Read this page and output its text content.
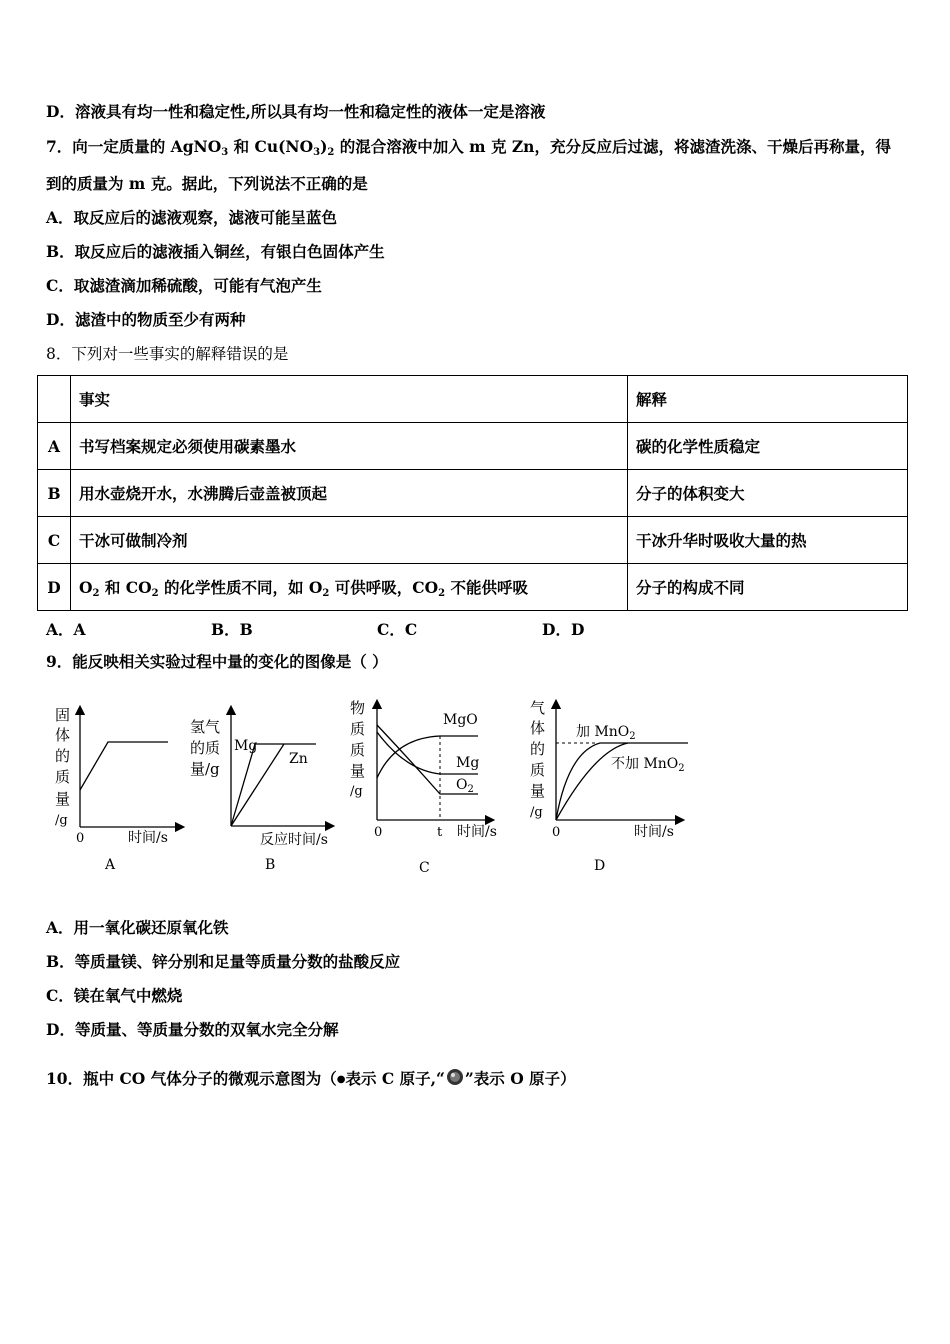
D．溶液具有均一性和稳定性,所以具有均一性和稳定性的液体一定是溶液
7．向一定质量的 AgNO$_3$ 和 $Cu(NO_3)_2$ 的混合溶液中加入 m 克 Zn，充分反应后过滤，将滤渣洗涤、干燥后再称量，得
到的质量为 m 克。据此，下列说法不正确的是
A．取反应后的滤液观察，滤液可能呈蓝色
B．取反应后的滤液插入铜丝，有银白色固体产生
C．取滤渣滴加稀硫酸，可能有气泡产生
D．滤渣中的物质至少有两种
8．下列对一些事实的解释错误的是
	事实	解释
A	书写档案规定必须使用碳素墨水	碳的化学性质稳定
B	用水壶烧开水，水沸腾后壶盖被顶起	分子的体积变大
C	干冰可做制冷剂	干冰升华时吸收大量的热
D	$O_2$ 和 $CO_2$ 的化学性质不同，如 $O_2$ 可供呼吸，$CO_2$ 不能供呼吸	分子的构成不同
A．A	B．B	C．C	D．D
9．能反映相关实验过程中量的变化的图像是（ ）
固
体
的
质
量
/g
0	时间/s
A
氢气
的质
量/g
Mg
Zn
反应时间/s
B
物
质
质
量
/g
MgO
Mg
$O_2$
0	t 时间/s
C
气
体
的
质
量
/g
加 MnO$_2$
不加 MnO$_2$
0	时间/s
D
A．用一氧化碳还原氧化铁
B．等质量镁、锌分别和足量等质量分数的盐酸反应
C．镁在氧气中燃烧
D．等质量、等质量分数的双氧水完全分解
10．瓶中 CO 气体分子的微观示意图为（●表示 C 原子,“ ”表示 O 原子）
